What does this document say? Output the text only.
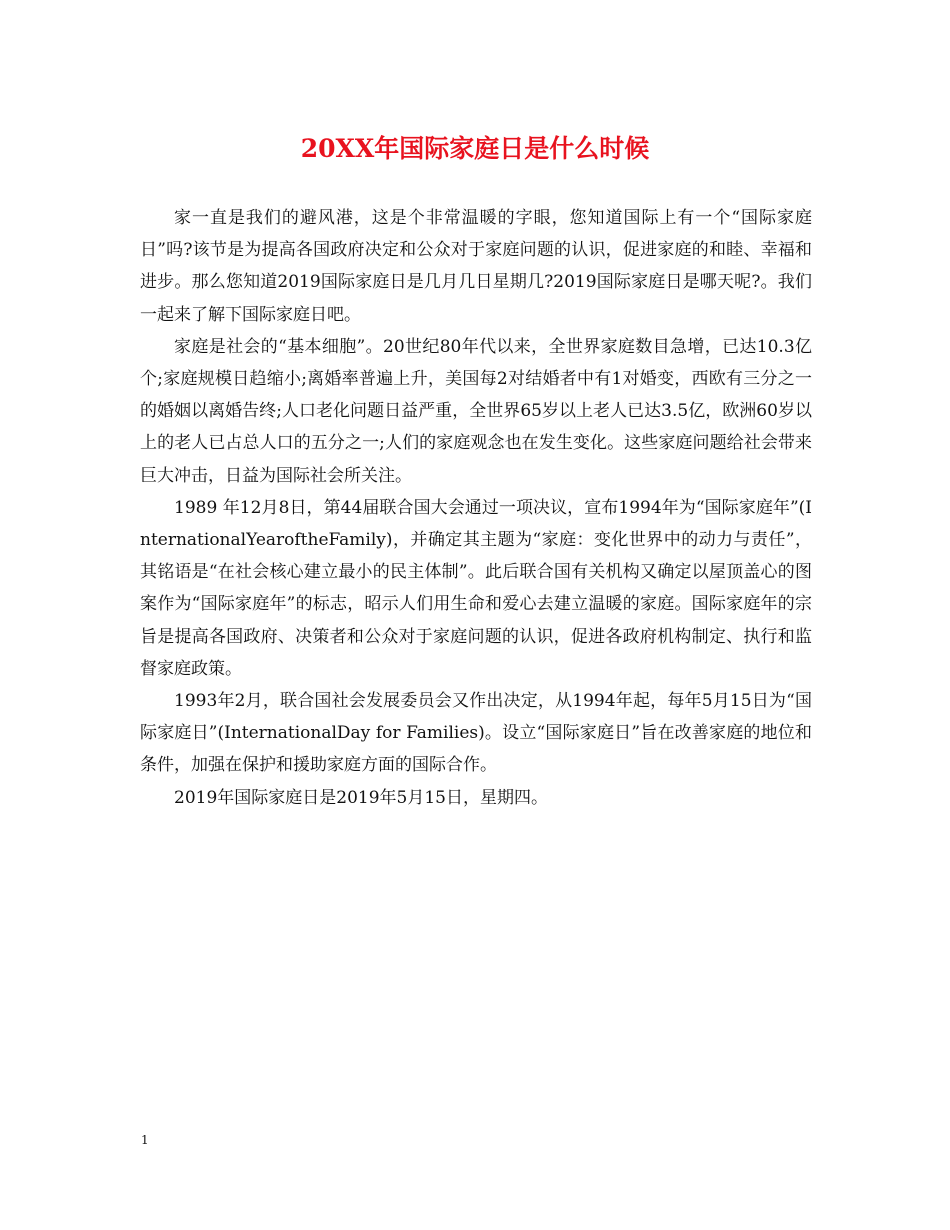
20XX年国际家庭日是什么时候

家一直是我们的避风港，这是个非常温暖的字眼，您知道国际上有一个“国际家庭日”吗?该节是为提高各国政府决定和公众对于家庭问题的认识，促进家庭的和睦、幸福和进步。那么您知道2019国际家庭日是几月几日星期几?2019国际家庭日是哪天呢?。我们一起来了解下国际家庭日吧。

家庭是社会的“基本细胞”。20世纪80年代以来，全世界家庭数目急增，已达10.3亿个;家庭规模日趋缩小;离婚率普遍上升，美国每2对结婚者中有1对婚变，西欧有三分之一的婚姻以离婚告终;人口老化问题日益严重，全世界65岁以上老人已达3.5亿，欧洲60岁以上的老人已占总人口的五分之一;人们的家庭观念也在发生变化。这些家庭问题给社会带来巨大冲击，日益为国际社会所关注。

1989 年12月8日，第44届联合国大会通过一项决议，宣布1994年为“国际家庭年”(InternationalYearoftheFamily)，并确定其主题为“家庭：变化世界中的动力与责任”，其铭语是“在社会核心建立最小的民主体制”。此后联合国有关机构又确定以屋顶盖心的图案作为“国际家庭年”的标志，昭示人们用生命和爱心去建立温暖的家庭。国际家庭年的宗旨是提高各国政府、决策者和公众对于家庭问题的认识，促进各政府机构制定、执行和监督家庭政策。

1993年2月，联合国社会发展委员会又作出决定，从1994年起，每年5月15日为“国际家庭日”(InternationalDay for Families)。设立“国际家庭日”旨在改善家庭的地位和条件，加强在保护和援助家庭方面的国际合作。

2019年国际家庭日是2019年5月15日，星期四。

1
